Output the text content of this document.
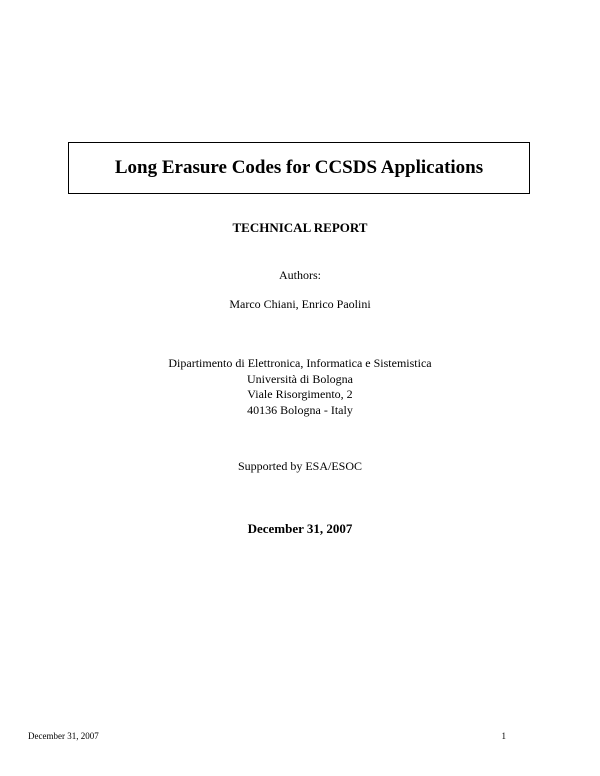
Long Erasure Codes for CCSDS Applications

TECHNICAL REPORT

Authors:

Marco Chiani, Enrico Paolini

Dipartimento di Elettronica, Informatica e Sistemistica
Università di Bologna
Viale Risorgimento, 2
40136 Bologna - Italy

Supported by ESA/ESOC

December 31, 2007

December 31, 2007	1
